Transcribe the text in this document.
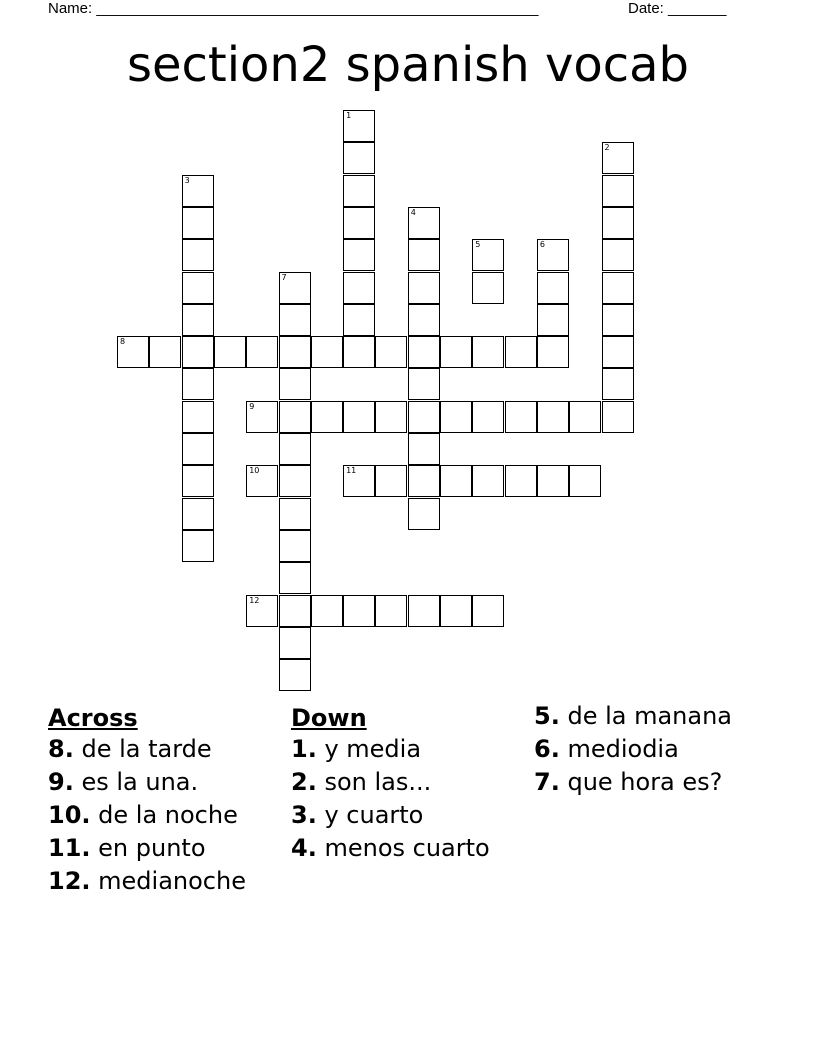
Name: _____________________________________________________

	Date: _______

section2 spanish vocab
8
9
10	11
12
1
2
3
4
5	6
7
Across

8. de la tarde

9. es la una.

10. de la noche

11. en punto

12. medianoche

Down

1. y media

2. son las...

3. y cuarto

4. menos cuarto

5. de la manana

6. mediodia

7. que hora es?
